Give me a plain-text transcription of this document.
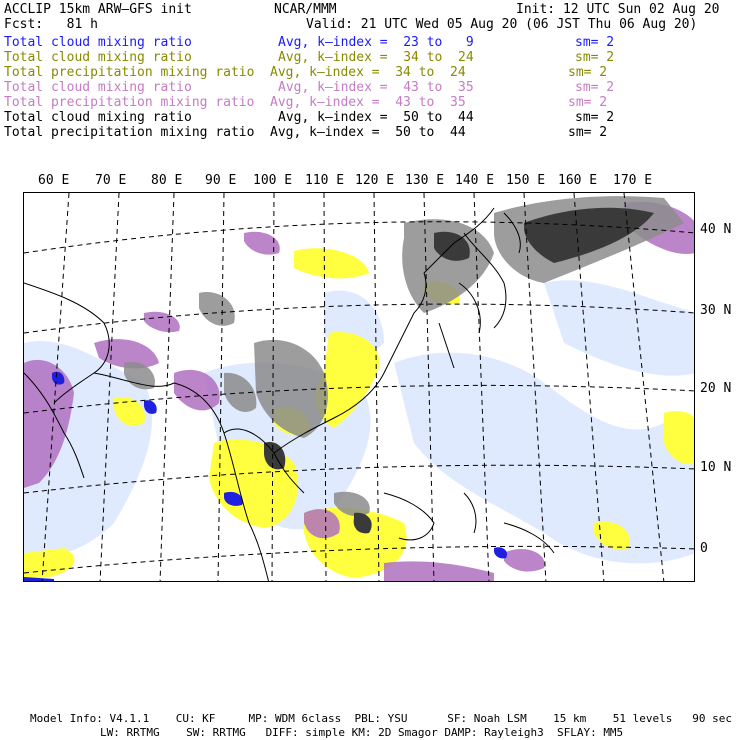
ACCLIP 15km ARW–GFS init	NCAR/MMM	Init: 12 UTC Sun 02 Aug 20
Fcst:   81 h	Valid: 21 UTC Wed 05 Aug 20 (06 JST Thu 06 Aug 20)
Total cloud mixing ratio	Avg, k–index =  23 to   9	sm= 2
Total cloud mixing ratio	Avg, k–index =  34 to  24	sm= 2
Total precipitation mixing ratio Avg, k–index =  34 to  24	sm= 2
Total cloud mixing ratio	Avg, k–index =  43 to  35	sm= 2
Total precipitation mixing ratio Avg, k–index =  43 to  35	sm= 2
Total cloud mixing ratio	Avg, k–index =  50 to  44	sm= 2
Total precipitation mixing ratio Avg, k–index =  50 to  44	sm= 2
60 E 70 E 80 E 90 E 100 E 110 E 120 E 130 E 140 E 150 E 160 E 170 E
40 N
30 N
20 N
10 N
0
Model Info: V4.1.1    CU: KF     MP: WDM 6class  PBL: YSU      SF: Noah LSM    15 km    51 levels   90 sec
LW: RRTMG    SW: RRTMG   DIFF: simple KM: 2D Smagor DAMP: Rayleigh3  SFLAY: MM5
